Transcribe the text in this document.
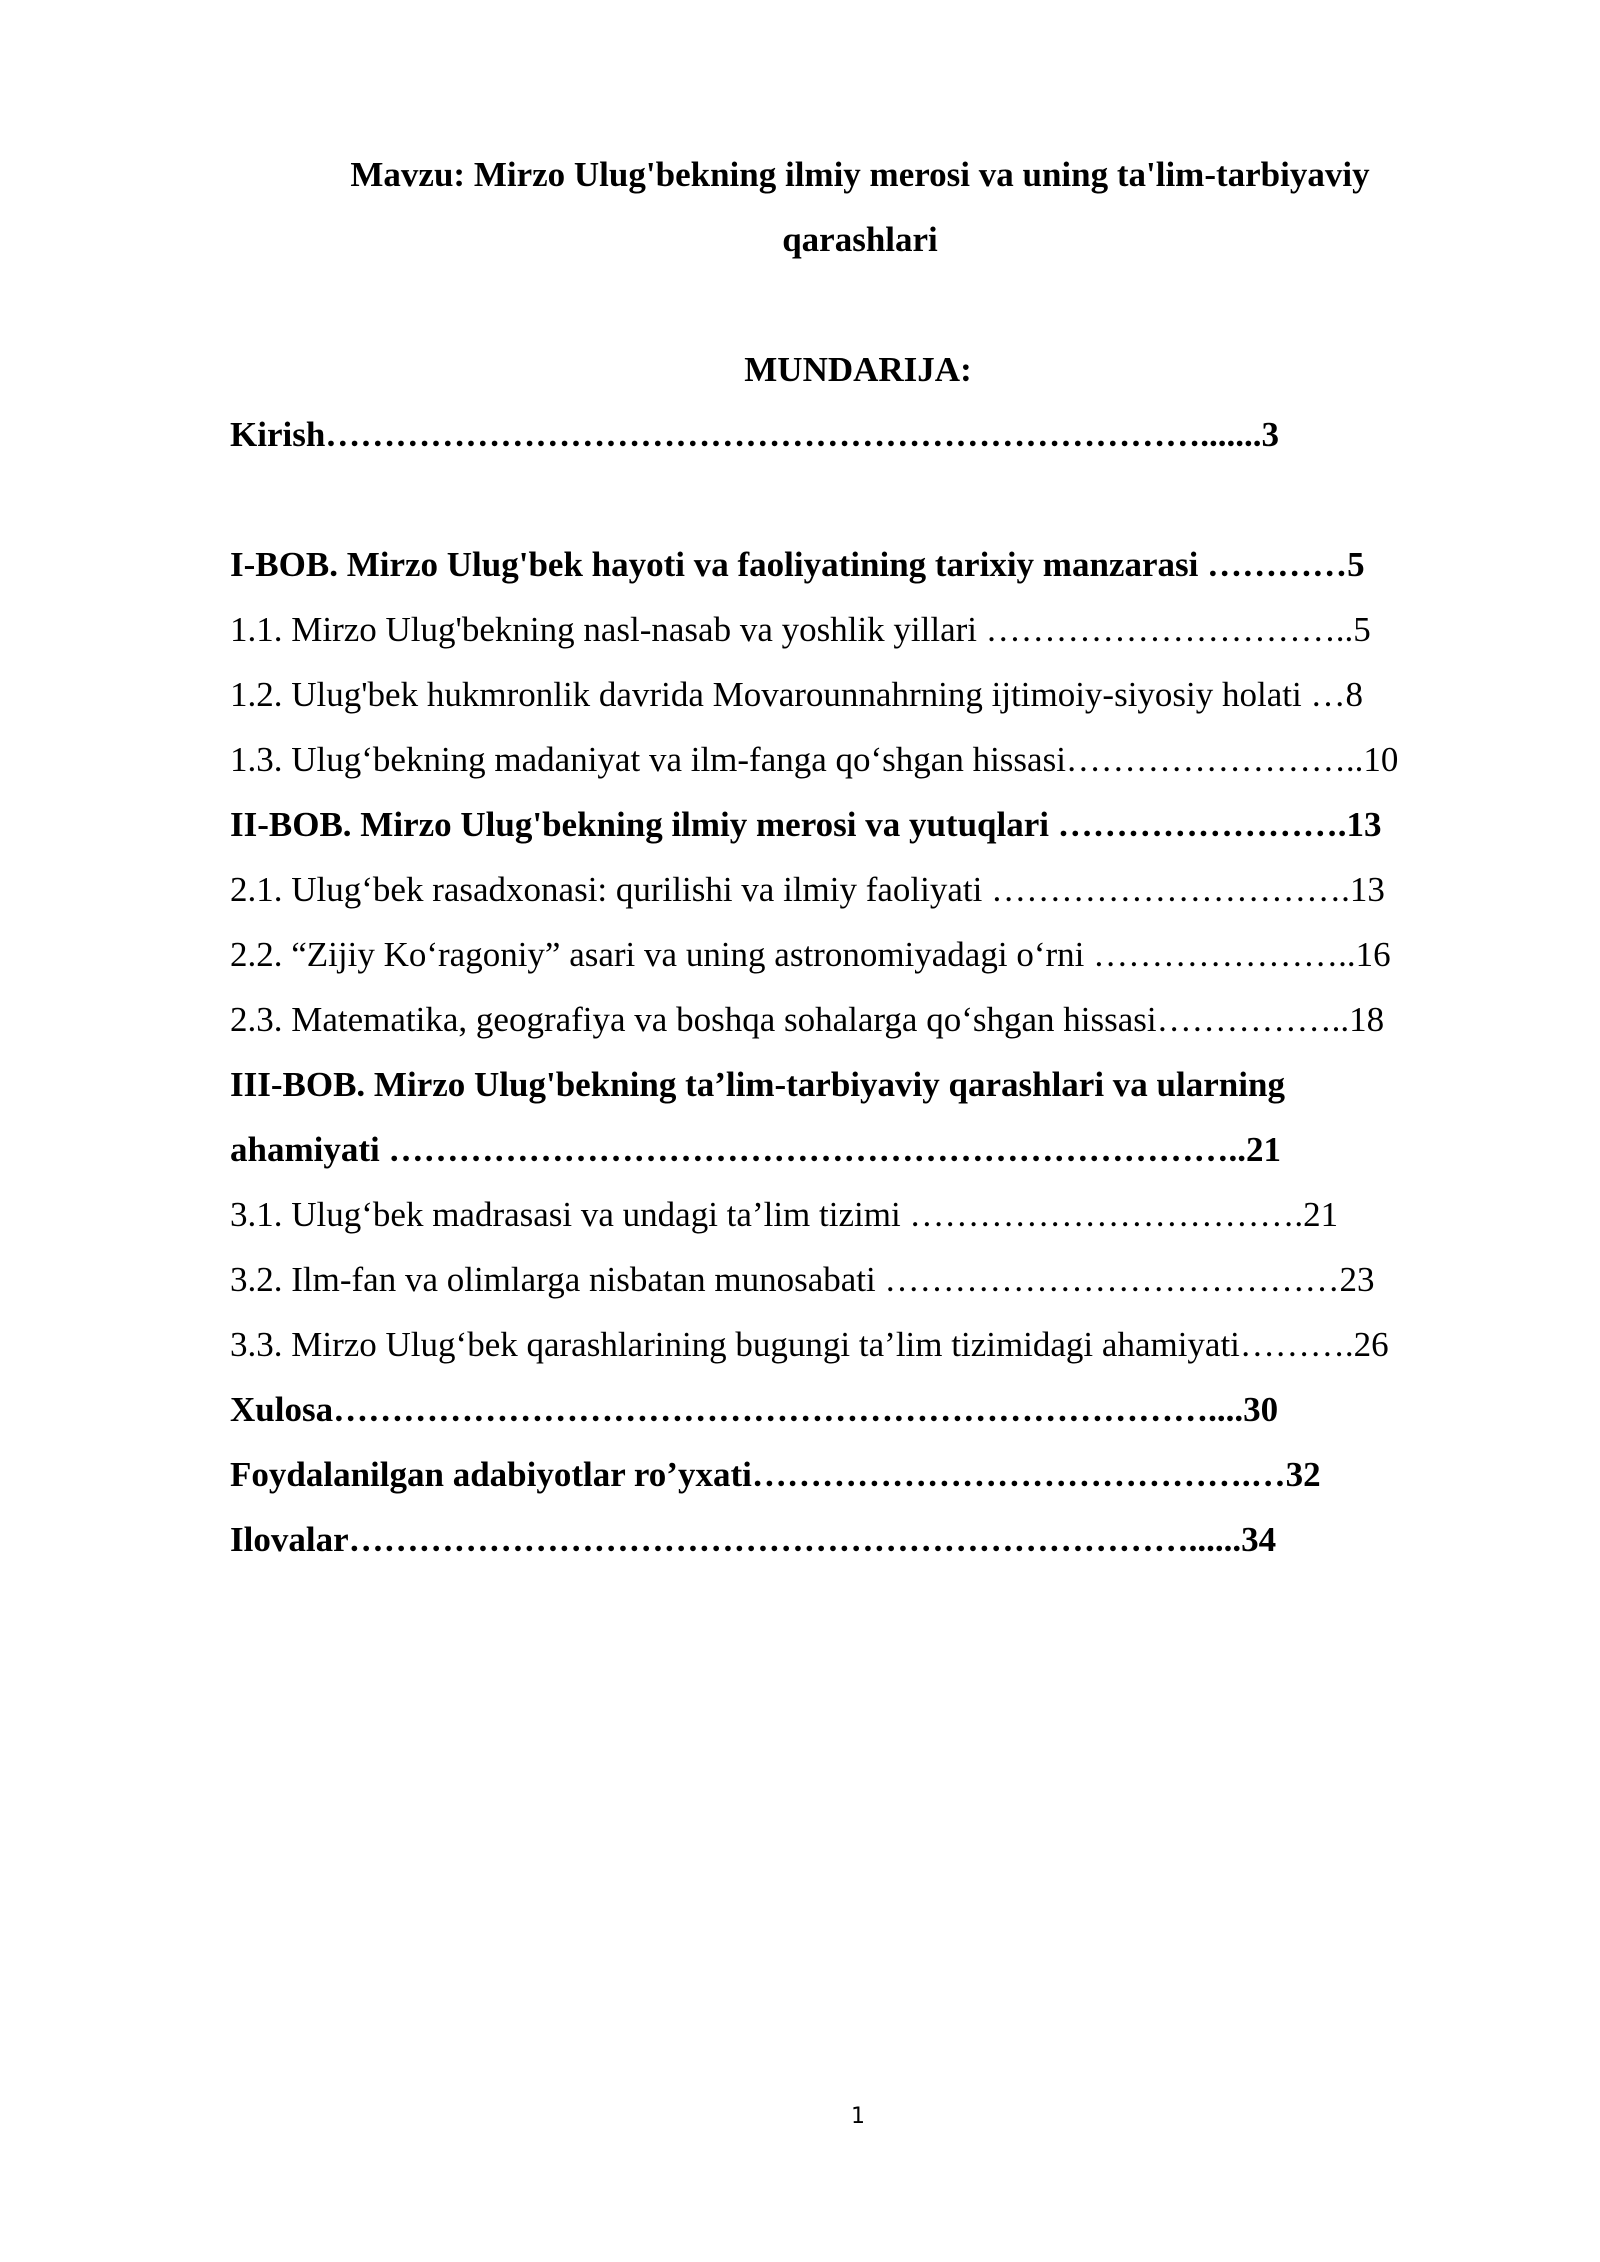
Mavzu: Mirzo Ulug'bekning ilmiy merosi va uning ta'lim-tarbiyaviy
qarashlari
MUNDARIJA:
Kirish………………………………………………………………….......3
I-BOB. Mirzo Ulug'bek hayoti va faoliyatining tarixiy manzarasi …………5
1.1. Mirzo Ulug'bekning nasl-nasab va yoshlik yillari …………………………..5
1.2. Ulug'bek hukmronlik davrida Movarounnahrning ijtimoiy-siyosiy holati …8
1.3. Ulug‘bekning madaniyat va ilm-fanga qo‘shgan hissasi……………………..10
II-BOB. Mirzo Ulug'bekning ilmiy merosi va yutuqlari …………………….13
2.1. Ulug‘bek rasadxonasi: qurilishi va ilmiy faoliyati ………………………….13
2.2. “Zijiy Ko‘ragoniy” asari va uning astronomiyadagi o‘rni …………………..16
2.3. Matematika, geografiya va boshqa sohalarga qo‘shgan hissasi……………..18
III-BOB. Mirzo Ulug'bekning ta’lim-tarbiyaviy qarashlari va ularning
ahamiyati ………………………………………………………………..21
3.1. Ulug‘bek madrasasi va undagi ta’lim tizimi …………………………….21
3.2. Ilm-fan va olimlarga nisbatan munosabati …………………………………23
3.3. Mirzo Ulug‘bek qarashlarining bugungi ta’lim tizimidagi ahamiyati……….26
Xulosa…………………………………………………………………....30
Foydalanilgan adabiyotlar ro’yxati…………………………………….…32
Ilovalar………………………………………………………………......34
1
